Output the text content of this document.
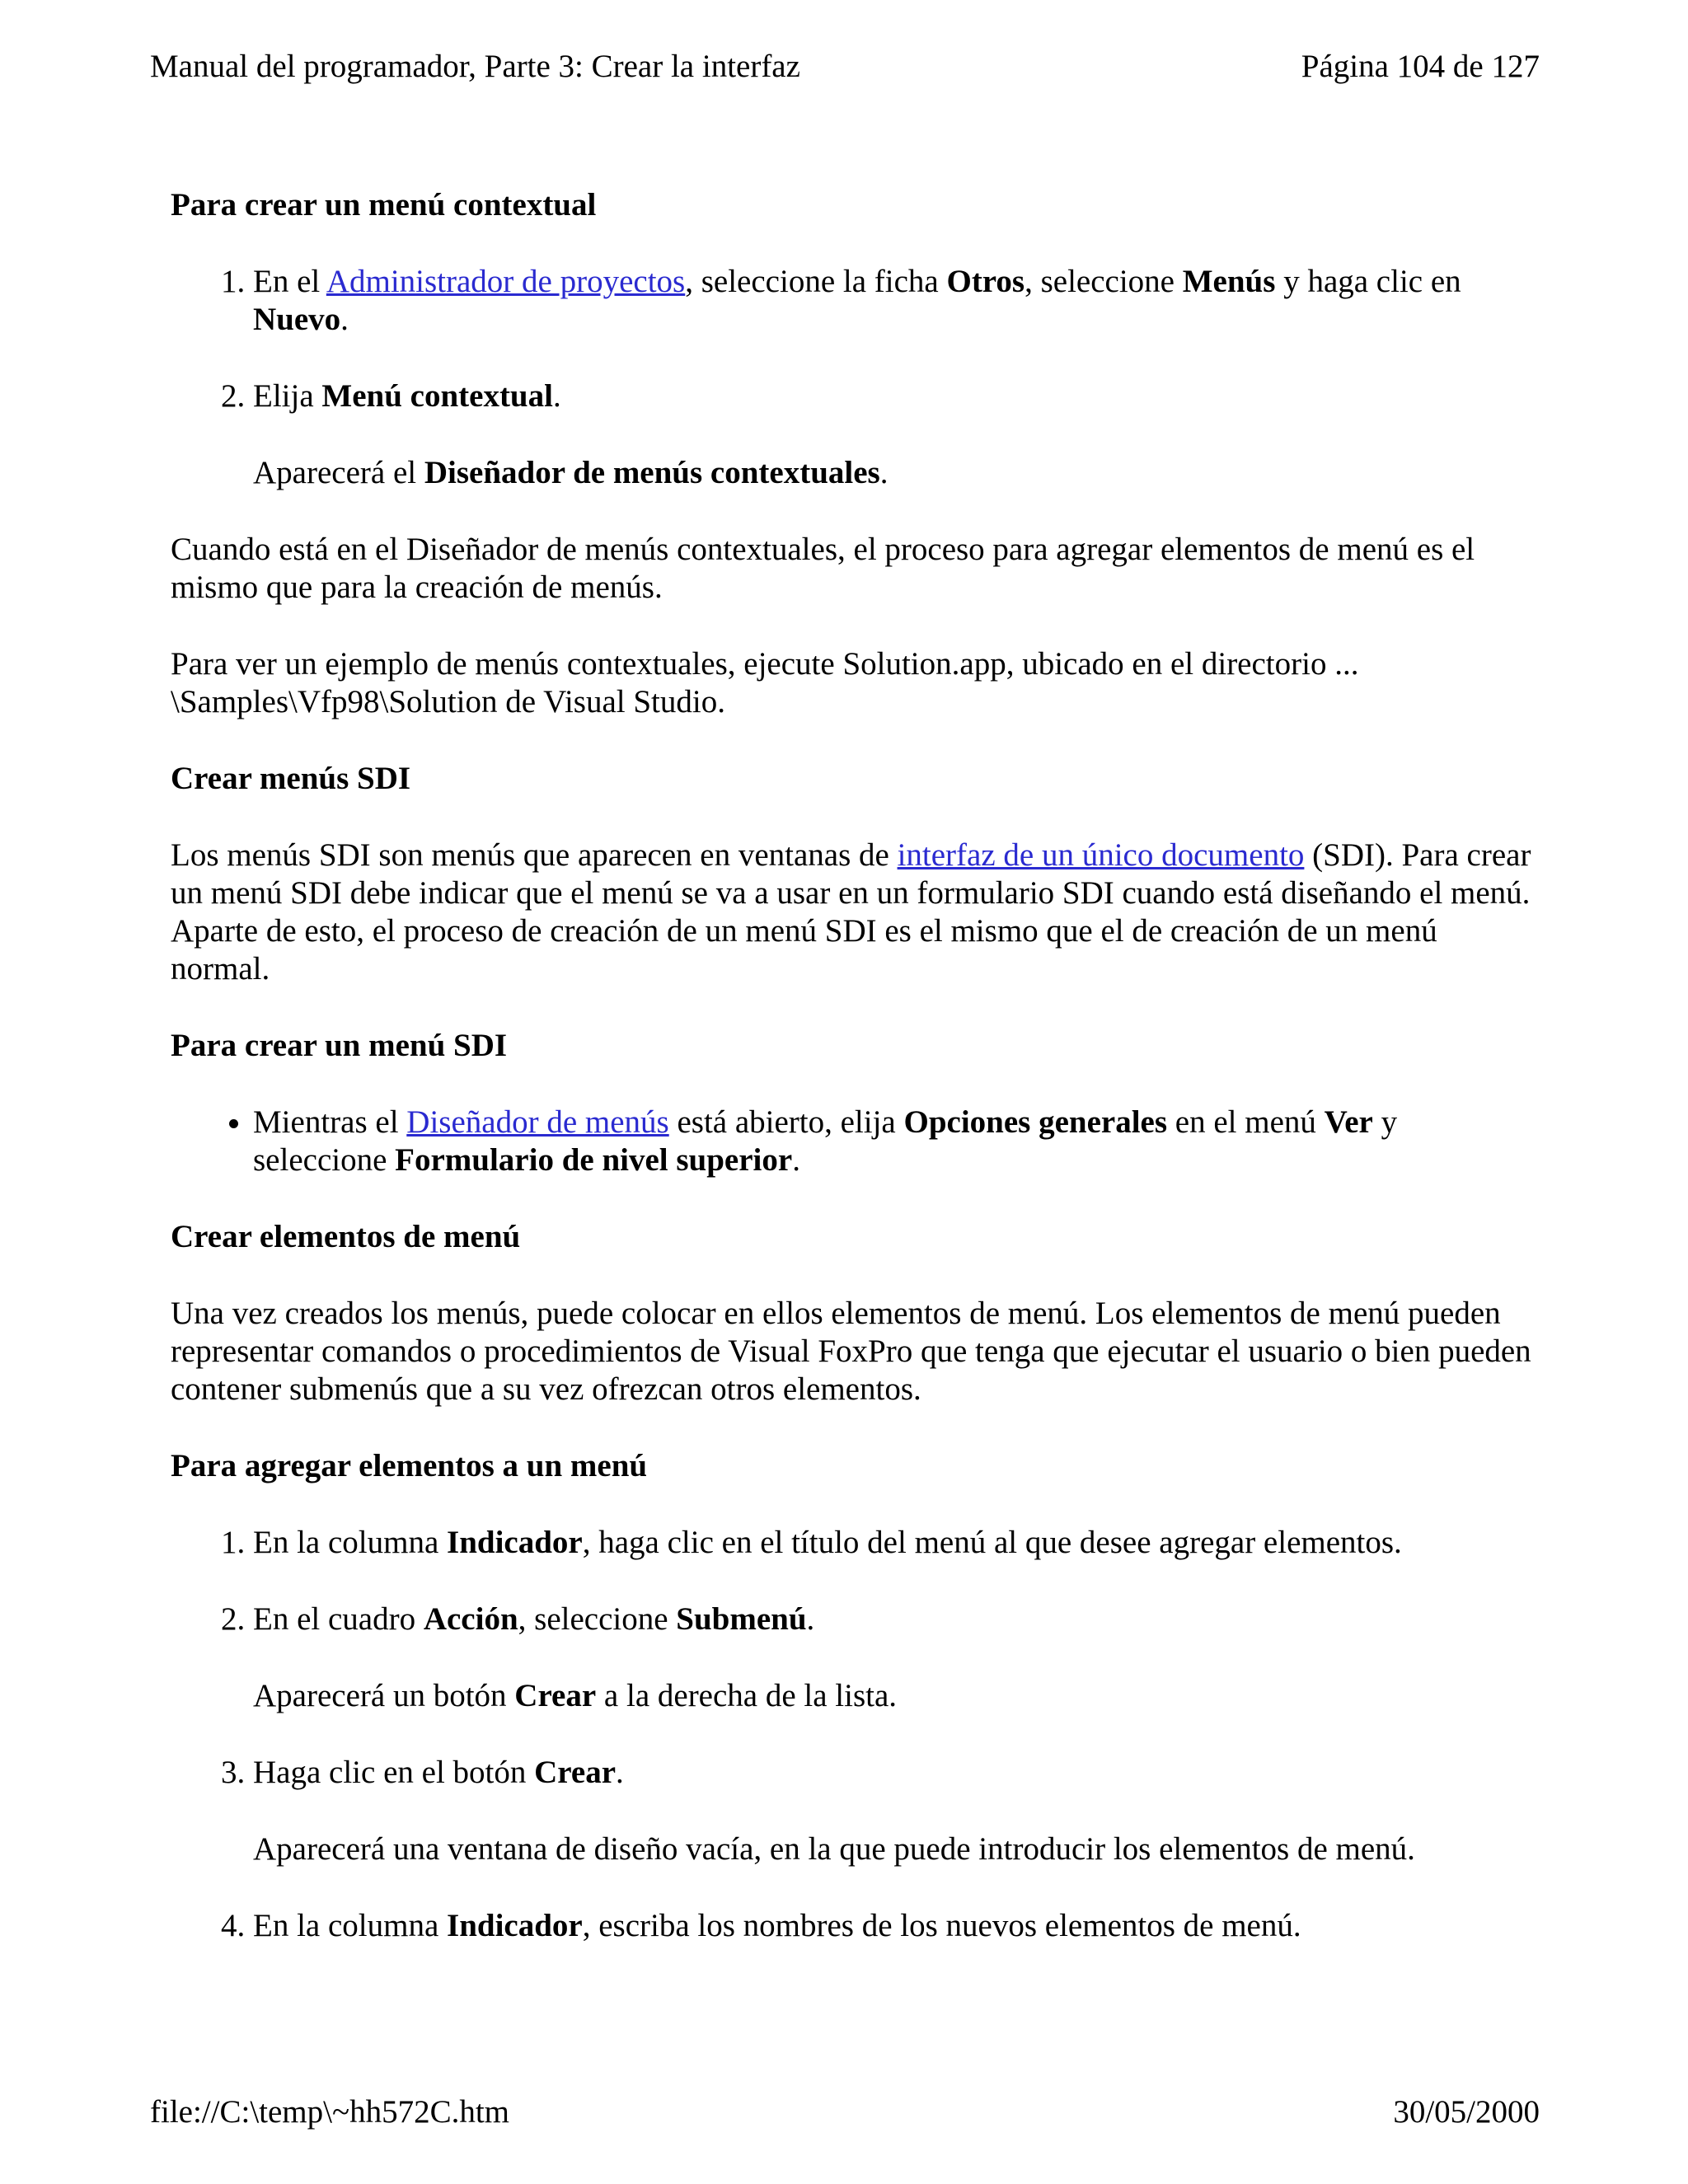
Manual del programador, Parte 3: Crear la interfaz	Página 104 de 127
Para crear un menú contextual
1. En el Administrador de proyectos, seleccione la ficha Otros, seleccione Menús y haga clic en Nuevo.
2. Elija Menú contextual.

Aparecerá el Diseñador de menús contextuales.

Cuando está en el Diseñador de menús contextuales, el proceso para agregar elementos de menú es el mismo que para la creación de menús.

Para ver un ejemplo de menús contextuales, ejecute Solution.app, ubicado en el directorio ... \Samples\Vfp98\Solution de Visual Studio.

Crear menús SDI

Los menús SDI son menús que aparecen en ventanas de interfaz de un único documento (SDI). Para crear un menú SDI debe indicar que el menú se va a usar en un formulario SDI cuando está diseñando el menú. Aparte de esto, el proceso de creación de un menú SDI es el mismo que el de creación de un menú normal.

Para crear un menú SDI
• Mientras el Diseñador de menús está abierto, elija Opciones generales en el menú Ver y seleccione Formulario de nivel superior.
Crear elementos de menú

Una vez creados los menús, puede colocar en ellos elementos de menú. Los elementos de menú pueden representar comandos o procedimientos de Visual FoxPro que tenga que ejecutar el usuario o bien pueden contener submenús que a su vez ofrezcan otros elementos.

Para agregar elementos a un menú
1. En la columna Indicador, haga clic en el título del menú al que desee agregar elementos.
2. En el cuadro Acción, seleccione Submenú.

Aparecerá un botón Crear a la derecha de la lista.

3. Haga clic en el botón Crear.

Aparecerá una ventana de diseño vacía, en la que puede introducir los elementos de menú.

4. En la columna Indicador, escriba los nombres de los nuevos elementos de menú.
file://C:\temp\~hh572C.htm	30/05/2000
